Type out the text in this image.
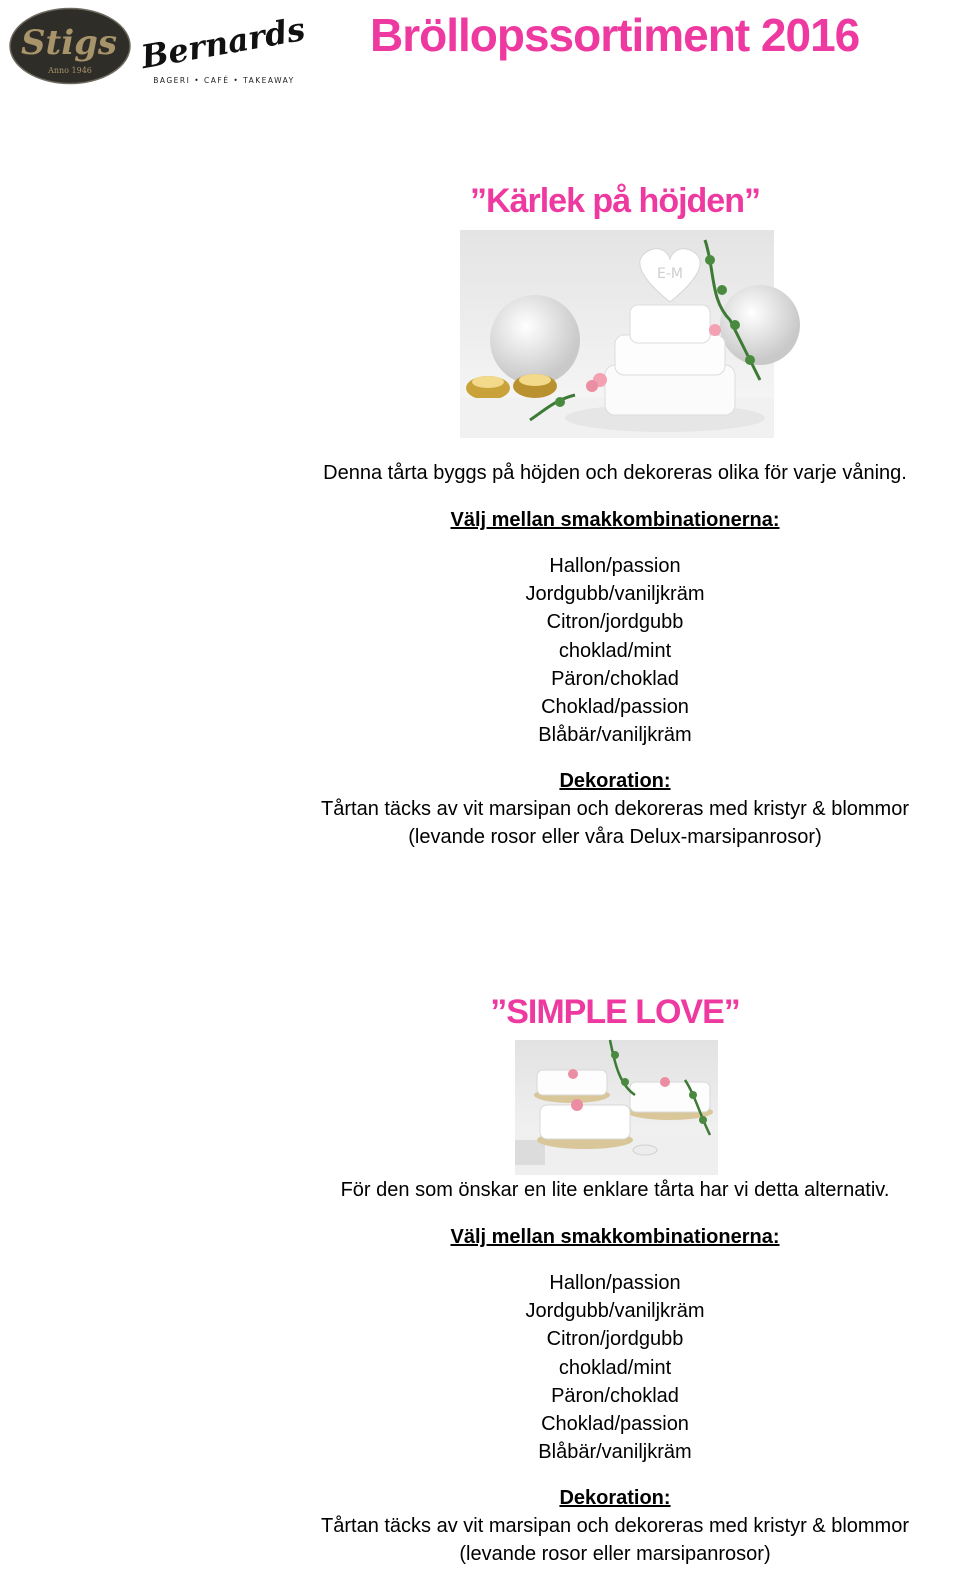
Stigs
Anno 1946 Bernards
BAGERI • CAFÉ • TAKEAWAY
Bröllopssortiment 2016
”Kärlek på höjden”
E-M
Denna tårta byggs på höjden och dekoreras olika för varje våning.
Välj mellan smakkombinationerna:
Hallon/passion
Jordgubb/vaniljkräm
Citron/jordgubb
choklad/mint
Päron/choklad
Choklad/passion
Blåbär/vaniljkräm
Dekoration:
Tårtan täcks av vit marsipan och dekoreras med kristyr & blommor
(levande rosor eller våra Delux-marsipanrosor)
”SIMPLE LOVE”
För den som önskar en lite enklare tårta har vi detta alternativ.
Välj mellan smakkombinationerna:
Hallon/passion
Jordgubb/vaniljkräm
Citron/jordgubb
choklad/mint
Päron/choklad
Choklad/passion
Blåbär/vaniljkräm
Dekoration:
Tårtan täcks av vit marsipan och dekoreras med kristyr & blommor
(levande rosor eller marsipanrosor)
